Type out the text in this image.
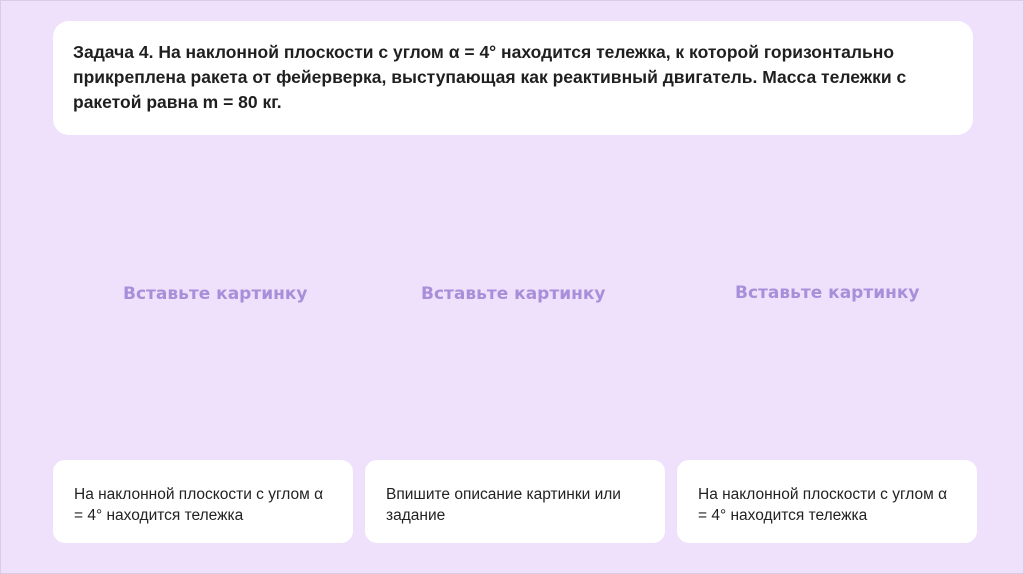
Задача 4. На наклонной плоскости с углом α = 4° находится тележка, к которой горизонтально прикреплена ракета от фейерверка, выступающая как реактивный двигатель. Масса тележки с ракетой равна m = 80 кг.

Вставьте картинку	Вставьте картинку	Вставьте картинку

На наклонной плоскости с углом α = 4° находится тележка

Впишите описание картинки или задание

На наклонной плоскости с углом α = 4° находится тележка
